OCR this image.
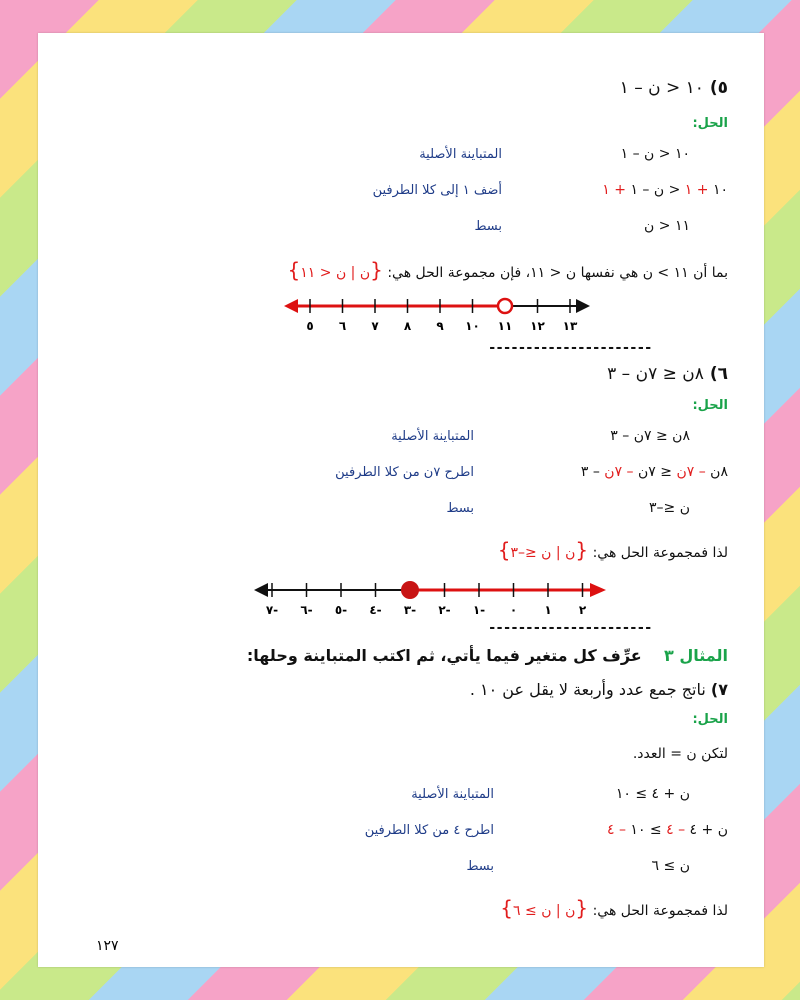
٥) ١٠ < ن – ١
الحل:
١٠ < ن – ١
المتباينة الأصلية
١٠ + ١ < ن – ١ + ١
أضف ١ إلى كلا الطرفين
١١ < ن
بسط
بما أن ١١ > ن هي نفسها ن < ١١، فإن مجموعة الحل هي: {ن | ن < ١١}
٥ ٦ ٧ ٨ ٩ ١٠ ١١ ١٢ ١٣
----------------------
٦) ٨ن ≤ ٧ن – ٣
الحل:
٨ن ≤ ٧ن – ٣
المتباينة الأصلية
٨ن – ٧ن ≤ ٧ن – ٧ن – ٣
اطرح ٧ن من كلا الطرفين
ن ≤–٣
بسط
لذا فمجموعة الحل هي: {ن | ن ≤–٣}
٧- ٦- ٥- ٤- ٣- ٢- ١- ٠ ١ ٢
----------------------
المثال ٣    عرِّف كل متغير فيما يأتي، ثم اكتب المتباينة وحلها:
٧) ناتج جمع عدد وأربعة لا يقل عن ١٠ .
الحل:
لتكن ن = العدد.
ن + ٤ ≥ ١٠
المتباينة الأصلية
ن + ٤ – ٤ ≥ ١٠ – ٤
اطرح ٤ من كلا الطرفين
ن ≥ ٦
بسط
لذا فمجموعة الحل هي: {ن | ن ≥ ٦}
١٢٧
